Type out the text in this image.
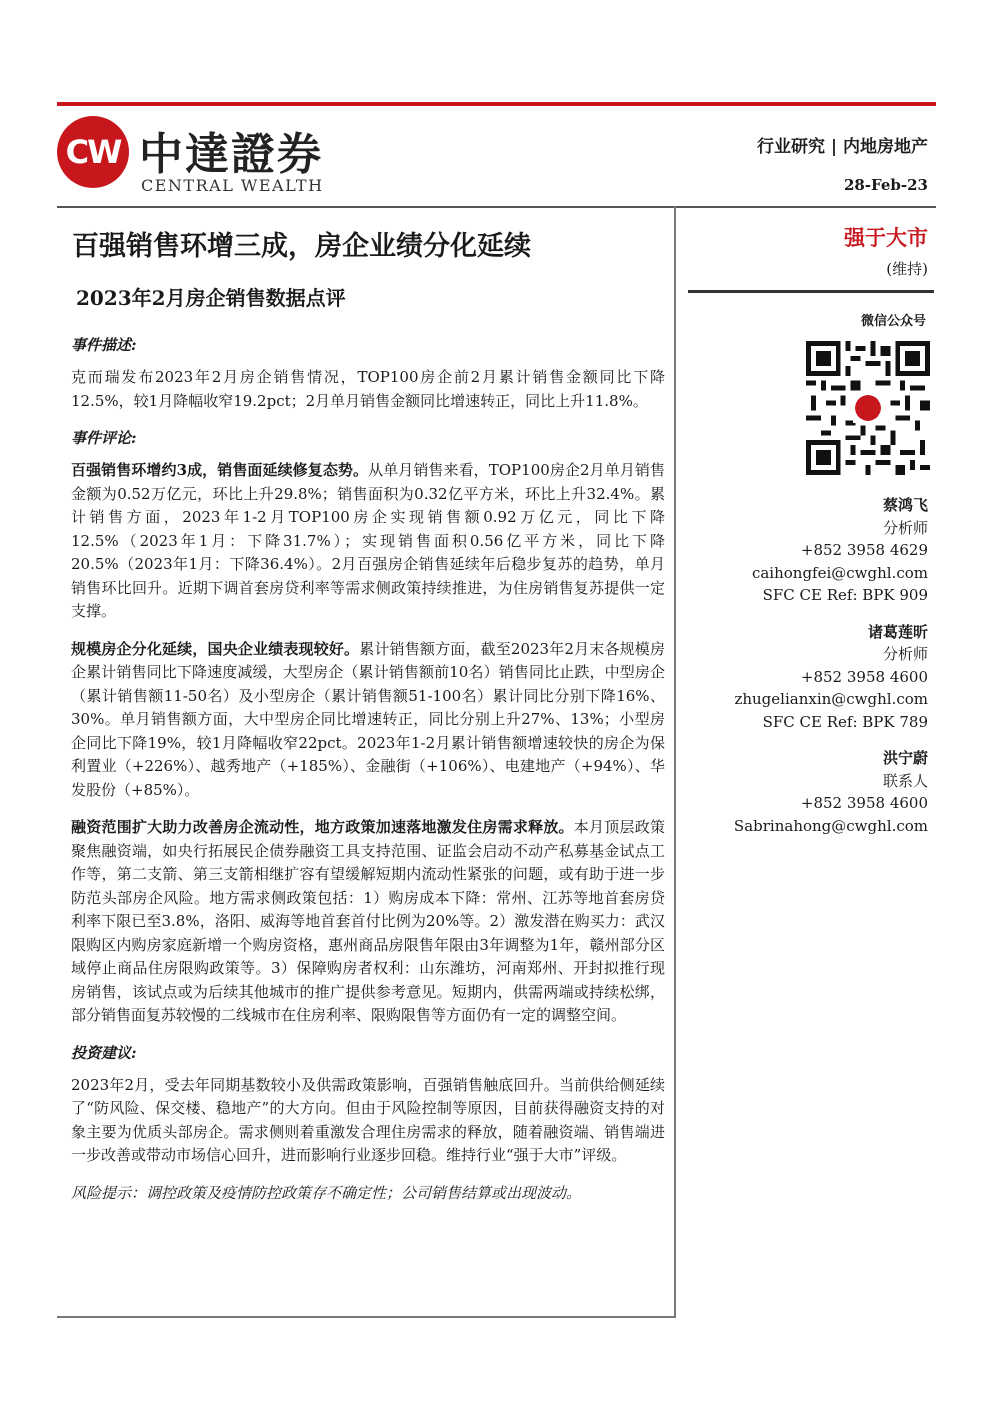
CW 中達證券
CENTRAL WEALTH
行业研究 | 内地房地产
28-Feb-23
百强销售环增三成，房企业绩分化延续
2023年2月房企销售数据点评
事件描述:

克而瑞发布2023年2月房企销售情况，TOP100房企前2月累计销售金额同比下降12.5%，较1月降幅收窄19.2pct；2月单月销售金额同比增速转正，同比上升11.8%。

事件评论:

百强销售环增约3成，销售面延续修复态势。从单月销售来看，TOP100房企2月单月销售金额为0.52万亿元，环比上升29.8%；销售面积为0.32亿平方米，环比上升32.4%。累计销售方面，2023年1-2月TOP100房企实现销售额0.92万亿元，同比下降12.5%（2023年1月：下降31.7%）；实现销售面积0.56亿平方米，同比下降20.5%（2023年1月：下降36.4%）。2月百强房企销售延续年后稳步复苏的趋势，单月销售环比回升。近期下调首套房贷利率等需求侧政策持续推进，为住房销售复苏提供一定支撑。

规模房企分化延续，国央企业绩表现较好。累计销售额方面，截至2023年2月末各规模房企累计销售同比下降速度减缓，大型房企（累计销售额前10名）销售同比止跌，中型房企（累计销售额11-50名）及小型房企（累计销售额51-100名）累计同比分别下降16%、30%。单月销售额方面，大中型房企同比增速转正，同比分别上升27%、13%；小型房企同比下降19%，较1月降幅收窄22pct。2023年1-2月累计销售额增速较快的房企为保利置业（+226%）、越秀地产（+185%）、金融街（+106%）、电建地产（+94%）、华发股份（+85%）。

融资范围扩大助力改善房企流动性，地方政策加速落地激发住房需求释放。本月顶层政策聚焦融资端，如央行拓展民企债券融资工具支持范围、证监会启动不动产私募基金试点工作等，第二支箭、第三支箭相继扩容有望缓解短期内流动性紧张的问题，或有助于进一步防范头部房企风险。地方需求侧政策包括：1）购房成本下降：常州、江苏等地首套房贷利率下限已至3.8%，洛阳、威海等地首套首付比例为20%等。2）激发潜在购买力：武汉限购区内购房家庭新增一个购房资格，惠州商品房限售年限由3年调整为1年，赣州部分区域停止商品住房限购政策等。3）保障购房者权利：山东潍坊，河南郑州、开封拟推行现房销售，该试点或为后续其他城市的推广提供参考意见。短期内，供需两端或持续松绑，部分销售面复苏较慢的二线城市在住房利率、限购限售等方面仍有一定的调整空间。

投资建议:

2023年2月，受去年同期基数较小及供需政策影响，百强销售触底回升。当前供给侧延续了“防风险、保交楼、稳地产”的大方向。但由于风险控制等原因，目前获得融资支持的对象主要为优质头部房企。需求侧则着重激发合理住房需求的释放，随着融资端、销售端进一步改善或带动市场信心回升，进而影响行业逐步回稳。维持行业“强于大市”评级。

风险提示：调控政策及疫情防控政策存不确定性；公司销售结算或出现波动。
强于大市
(维持)
微信公众号
蔡鸿飞
分析师
+852 3958 4629
caihongfei@cwghl.com
SFC CE Ref: BPK 909
诸葛莲昕
分析师
+852 3958 4600
zhugelianxin@cwghl.com
SFC CE Ref: BPK 789
洪宁蔚
联系人
+852 3958 4600
Sabrinahong@cwghl.com
